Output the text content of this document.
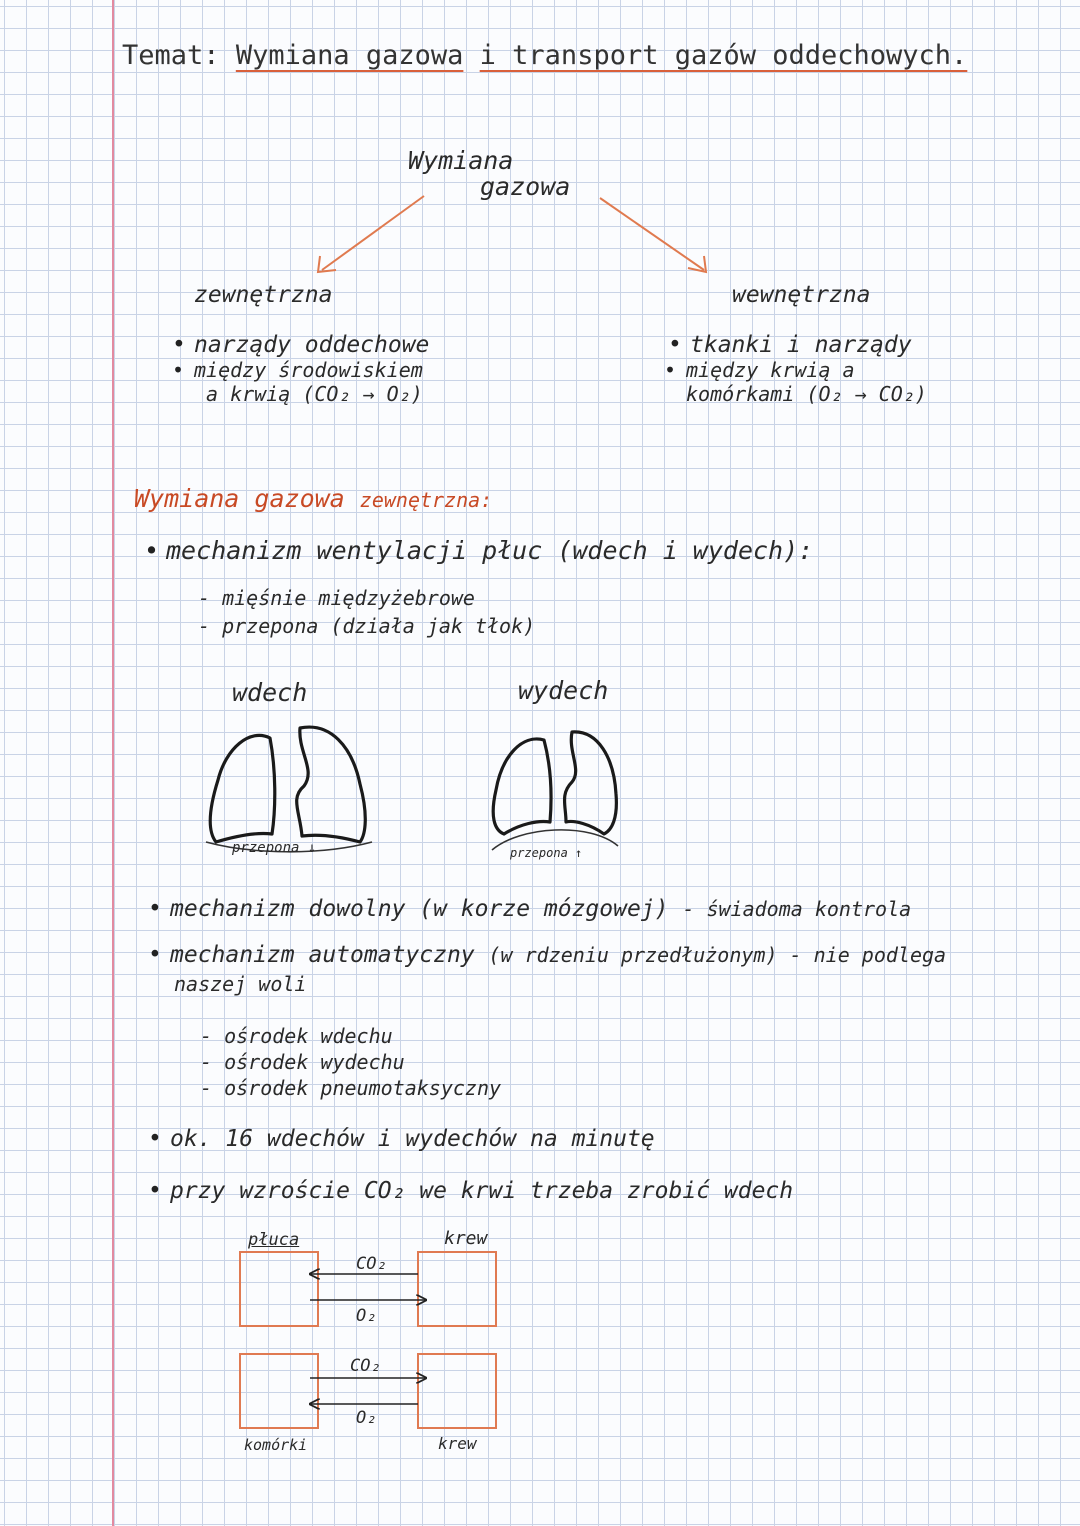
Temat: Wymiana gazowa i transport gazów oddechowych.
Wymiana
gazowa
zewnętrzna
• narządy oddechowe
• między środowiskiem
a krwią (CO₂ → O₂)
wewnętrzna
• tkanki i narządy
• między krwią a
komórkami (O₂ → CO₂)
Wymiana gazowa zewnętrzna:
• mechanizm wentylacji płuc (wdech i wydech):
- mięśnie międzyżebrowe
- przepona (działa jak tłok)
wdech	wydech
przepona ↓	przepona ↑
• mechanizm dowolny (w korze mózgowej) - świadoma kontrola
• mechanizm automatyczny (w rdzeniu przedłużonym) - nie podlega
naszej woli
- ośrodek wdechu
- ośrodek wydechu
- ośrodek pneumotaksyczny
• ok. 16 wdechów i wydechów na minutę
• przy wzroście CO₂ we krwi trzeba zrobić wdech
płuca	krew
CO₂
O₂
CO₂
O₂
komórki	krew
